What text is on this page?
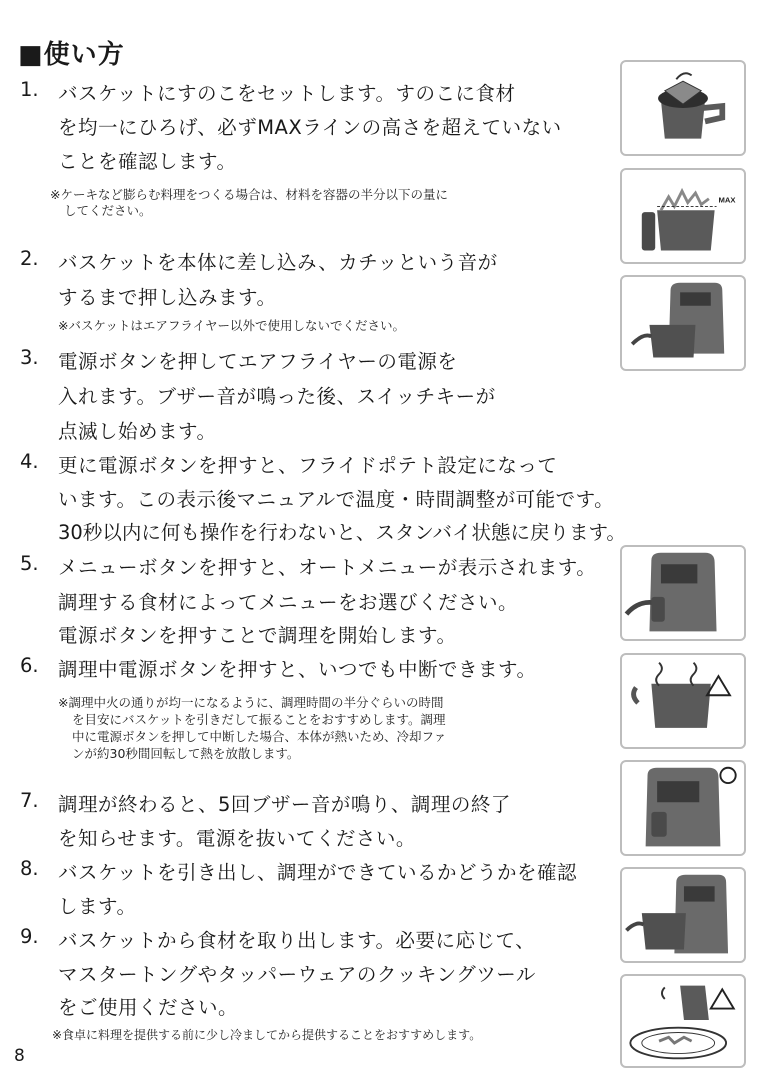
■使い方
1. バスケットにすのこをセットします。すのこに食材
を均一にひろげ、必ずMAXラインの高さを超えていない
ことを確認します。
※ケーキなど膨らむ料理をつくる場合は、材料を容器の半分以下の量に
してください。
2. バスケットを本体に差し込み、カチッという音が
するまで押し込みます。
※バスケットはエアフライヤー以外で使用しないでください。
3. 電源ボタンを押してエアフライヤーの電源を
入れます。ブザー音が鳴った後、スイッチキーが
点滅し始めます。
4. 更に電源ボタンを押すと、フライドポテト設定になって
います。この表示後マニュアルで温度・時間調整が可能です。
30秒以内に何も操作を行わないと、スタンバイ状態に戻ります。
5. メニューボタンを押すと、オートメニューが表示されます。
調理する食材によってメニューをお選びください。
電源ボタンを押すことで調理を開始します。
6. 調理中電源ボタンを押すと、いつでも中断できます。
※調理中火の通りが均一になるように、調理時間の半分ぐらいの時間
を目安にバスケットを引きだして振ることをおすすめします。調理
中に電源ボタンを押して中断した場合、本体が熱いため、冷却ファ
ンが約30秒間回転して熱を放散します。
7. 調理が終わると、5回ブザー音が鳴り、調理の終了
を知らせます。電源を抜いてください。
8. バスケットを引き出し、調理ができているかどうかを確認
します。
9. バスケットから食材を取り出します。必要に応じて、
マスタートングやタッパーウェアのクッキングツール
をご使用ください。
※食卓に料理を提供する前に少し冷ましてから提供することをおすすめします。
8
MAX
